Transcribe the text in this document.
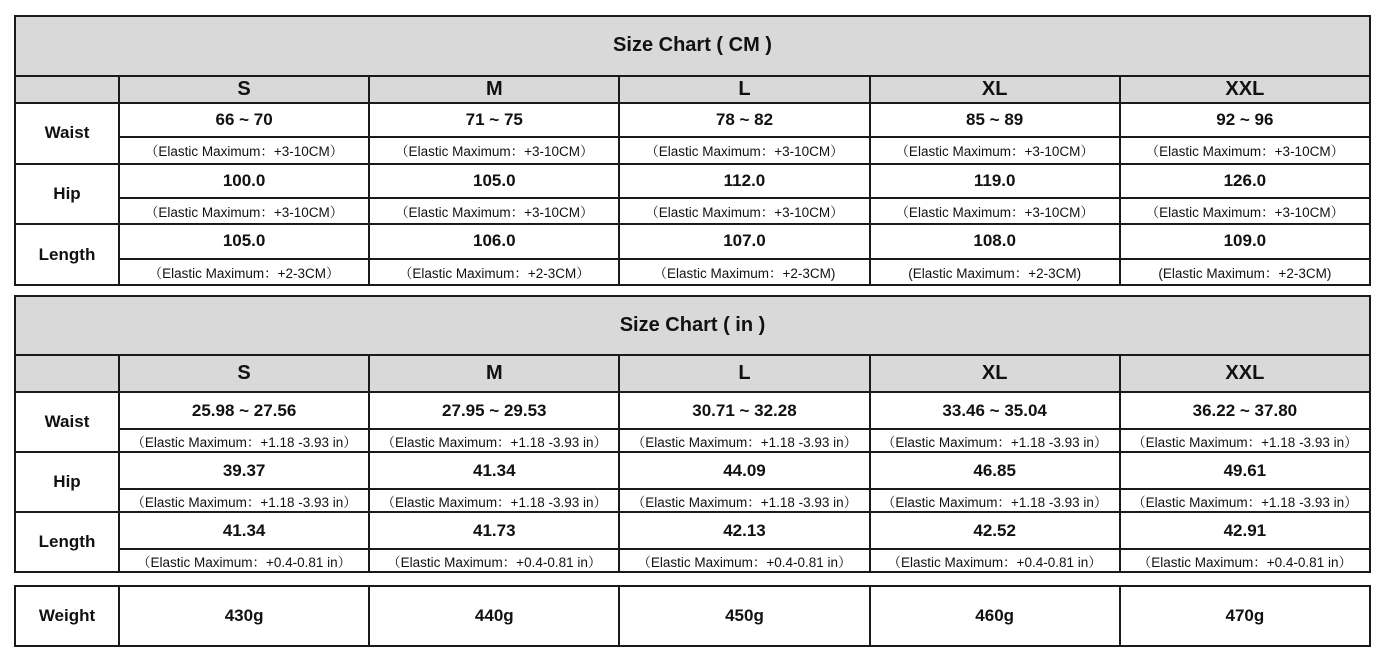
Size Chart ( CM )					
	S	M	L	XL	XXL
Waist	66 ~ 70	71 ~ 75	78 ~ 82	85 ~ 89	92 ~ 96
	（Elastic Maximum：+3-10CM）	（Elastic Maximum：+3-10CM）	（Elastic Maximum：+3-10CM）	（Elastic Maximum：+3-10CM）	（Elastic Maximum：+3-10CM）
Hip	100.0	105.0	112.0	119.0	126.0
	（Elastic Maximum：+3-10CM）	（Elastic Maximum：+3-10CM）	（Elastic Maximum：+3-10CM）	（Elastic Maximum：+3-10CM）	（Elastic Maximum：+3-10CM）
Length	105.0	106.0	107.0	108.0	109.0
	（Elastic Maximum：+2-3CM）	（Elastic Maximum：+2-3CM）	（Elastic Maximum：+2-3CM)	(Elastic Maximum：+2-3CM)	(Elastic Maximum：+2-3CM)
Size Chart ( in )					
	S	M	L	XL	XXL
Waist	25.98 ~ 27.56	27.95 ~ 29.53	30.71 ~ 32.28	33.46 ~ 35.04	36.22 ~ 37.80
	（Elastic Maximum：+1.18 -3.93 in）	（Elastic Maximum：+1.18 -3.93 in）	（Elastic Maximum：+1.18 -3.93 in）	（Elastic Maximum：+1.18 -3.93 in）	（Elastic Maximum：+1.18 -3.93 in）
Hip	39.37	41.34	44.09	46.85	49.61
	（Elastic Maximum：+1.18 -3.93 in）	（Elastic Maximum：+1.18 -3.93 in）	（Elastic Maximum：+1.18 -3.93 in）	（Elastic Maximum：+1.18 -3.93 in）	（Elastic Maximum：+1.18 -3.93 in）
Length	41.34	41.73	42.13	42.52	42.91
	（Elastic Maximum：+0.4-0.81 in）	（Elastic Maximum：+0.4-0.81 in）	（Elastic Maximum：+0.4-0.81 in）	（Elastic Maximum：+0.4-0.81 in）	（Elastic Maximum：+0.4-0.81 in）
Weight	430g	440g	450g	460g	470g
